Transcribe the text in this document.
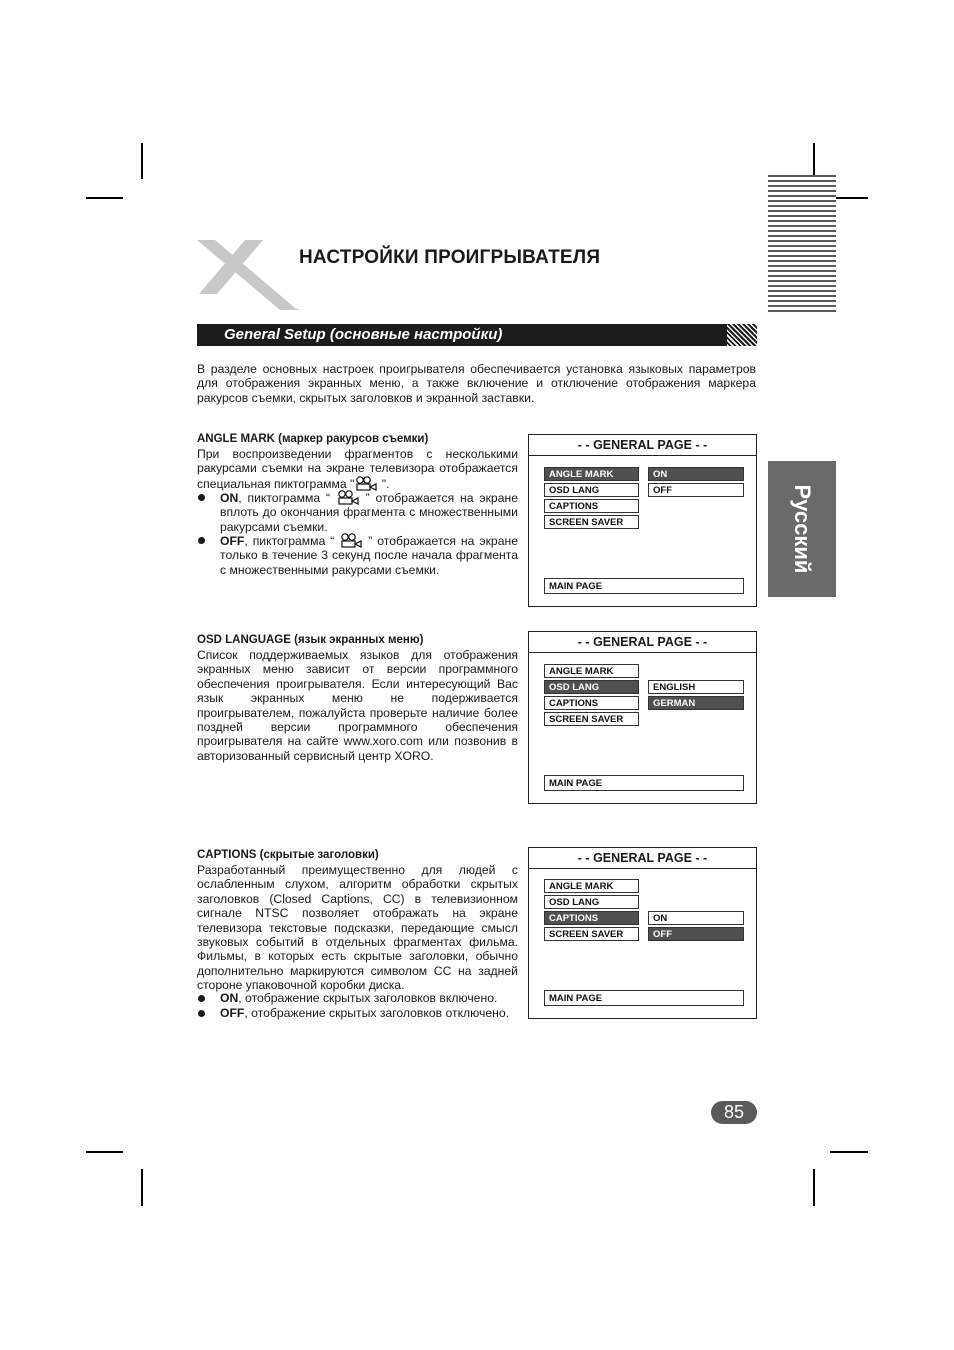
НАСТРОЙКИ ПРОИГРЫВАТЕЛЯ
General Setup (основные настройки)
В разделе основных настроек проигрывателя обеспечивается установка языковых параметров для отображения экранных меню, а также включение и отключение отображения маркера ракурсов съемки, скрытых заголовков и экранной заставки.
ANGLE MARK (маркер ракурсов съемки)
При воспроизведении фрагментов с несколькими ракурсами съемки на экране телевизора отображается специальная пиктограмма " ".
ON, пиктограмма “  ” отображается на экране вплоть до окончания фрагмента с множественными ракурсами съемки.
OFF, пиктограмма “  ” отображается на экране только в течение 3 секунд после начала фрагмента с множественными ракурсами съемки.
- - GENERAL PAGE - -
ANGLE MARK
OSD LANG
CAPTIONS
SCREEN SAVER
ON
OFF
MAIN PAGE
OSD LANGUAGE (язык экранных меню)
Список поддерживаемых языков для отображения экранных меню зависит от версии программного обеспечения проигрывателя. Если интересующий Вас язык экранных меню не подерживается проигрывателем, пожалуйста проверьте наличие более поздней версии программного обеспечения проигрывателя на сайте www.xoro.com или позвонив в авторизованный сервисный центр XORO.
- - GENERAL PAGE - -
ANGLE MARK
OSD LANG
CAPTIONS
SCREEN SAVER
ENGLISH
GERMAN
MAIN PAGE
CAPTIONS (скрытые заголовки)
Разработанный преимущественно для людей с ослабленным слухом, алгоритм обработки скрытых заголовков (Closed Captions, CC) в телевизионном сигнале NTSC позволяет отображать на экране телевизора текстовые подсказки, передающие смысл звуковых событий в отдельных фрагментах фильма. Фильмы, в которых есть скрытые заголовки, обычно дополнительно маркируются символом CC на задней стороне упаковочной коробки диска.
ON, отображение скрытых заголовков включено.
OFF, отображение скрытых заголовков отключено.
- - GENERAL PAGE - -
ANGLE MARK
OSD LANG
CAPTIONS
SCREEN SAVER
ON
OFF
MAIN PAGE
Русский
85
